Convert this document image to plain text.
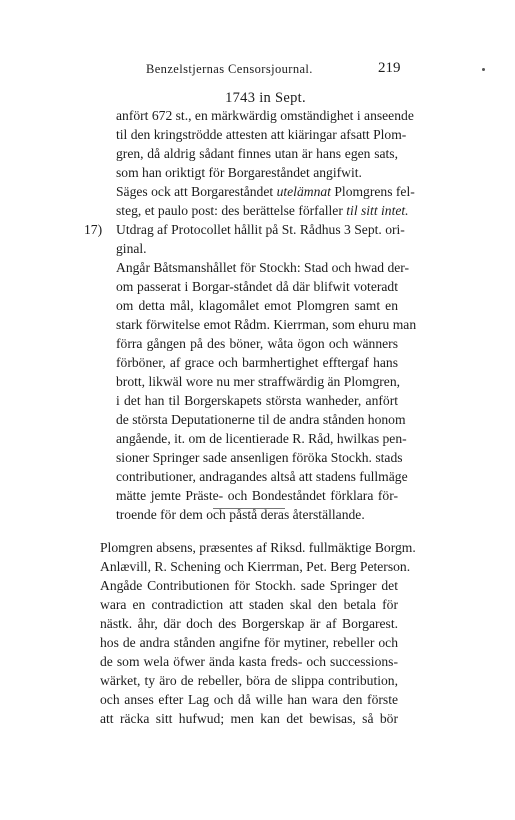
Benzelstjernas Censorsjournal.	219
1743 in Sept.
anfört 672 st., en märkwärdig omständighet i anseende
til den kringströdde attesten att kiäringar afsatt Plom-
gren, då aldrig sådant finnes utan är hans egen sats,
som han oriktigt för Borgareståndet angifwit.
Säges ock att Borgareståndet utelämnat Plomgrens fel-
steg, et paulo post: des berättelse förfaller til sitt intet.
17) Utdrag af Protocollet hållit på St. Rådhus 3 Sept. ori-
ginal.
Angår Båtsmanshållet för Stockh: Stad och hwad der-
om passerat i Borgar-ståndet då där blifwit voteradt
om detta mål, klagomålet emot Plomgren samt en
stark förwitelse emot Rådm. Kierrman, som ehuru man
förra gången på des böner, wåta ögon och wänners
förböner, af grace och barmhertighet efftergaf hans
brott, likwäl wore nu mer straffwärdig än Plomgren,
i det han til Borgerskapets största wanheder, anfört
de största Deputationerne til de andra stånden honom
angående, it. om de licentierade R. Råd, hwilkas pen-
sioner Springer sade ansenligen föröka Stockh. stads
contributioner, andragandes altså att stadens fullmäge
mätte jemte Präste- och Bondeståndet förklara för-
troende för dem och påstå deras återställande.
Plomgren absens, præsentes af Riksd. fullmäktige Borgm.
Anlævill, R. Schening och Kierrman, Pet. Berg Peterson.
Angåde Contributionen för Stockh. sade Springer det
wara en contradiction att staden skal den betala för
nästk. åhr, där doch des Borgerskap är af Borgarest.
hos de andra stånden angifne för mytiner, rebeller och
de som wela öfwer ända kasta freds- och successions-
wärket, ty äro de rebeller, böra de slippa contribution,
och anses efter Lag och då wille han wara den förste
att räcka sitt hufwud; men kan det bewisas, så bör
